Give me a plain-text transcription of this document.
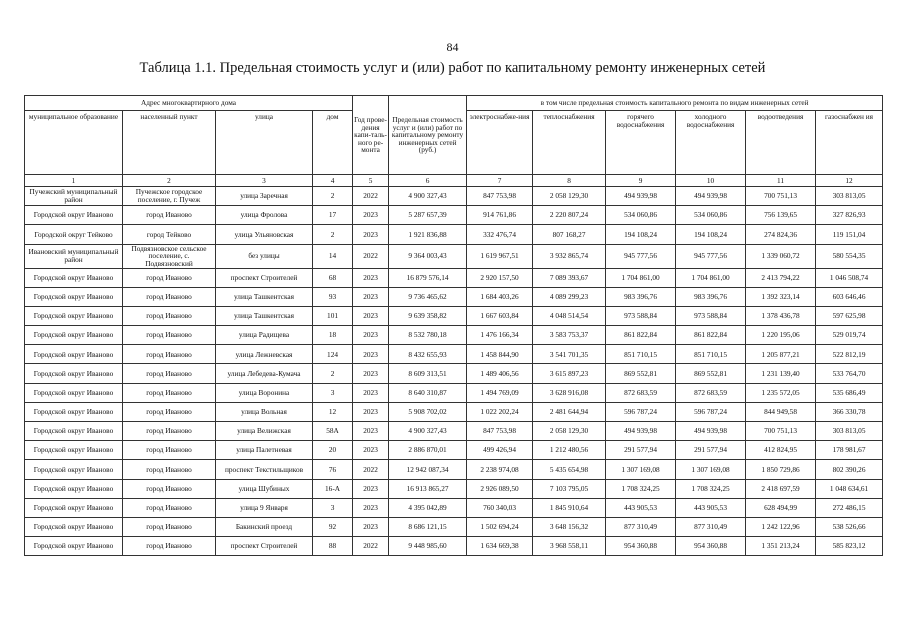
84
Таблица 1.1. Предельная стоимость услуг и (или) работ по капитальному ремонту инженерных сетей
Адрес многоквартирного дома				Год прове-дения капи-таль-ного ре-монта	Предельная стоимость услуг и (или) работ по капитальному ремонту инженерных сетей (руб.)	в том числе предельная стоимость капитального ремонта по видам инженерных сетей					
муниципальное образование	населенный пункт	улица	дом			электроснабже-ния	теплоснабжения	горячего водоснабжения	холодного водоснабжения	водоотведения	газоснабжен ия
1	2	3	4	5	6	7	8	9	10	11	12
Пучежский муниципальный район	Пучежское городское поселение, г. Пучеж	улица Заречная	2	2022	4 900 327,43	847 753,98	2 058 129,30	494 939,98	494 939,98	700 751,13	303 813,05
Городской округ Иваново	город Иваново	улица Фролова	17	2023	5 287 657,39	914 761,86	2 220 807,24	534 060,86	534 060,86	756 139,65	327 826,93
Городской округ Тейково	город Тейково	улица Ульяновская	2	2023	1 921 836,88	332 476,74	807 168,27	194 108,24	194 108,24	274 824,36	119 151,04
Ивановский муниципальный район	Подвязновское сельское поселение, с. Подвязновский	без улицы	14	2022	9 364 003,43	1 619 967,51	3 932 865,74	945 777,56	945 777,56	1 339 060,72	580 554,35
Городской округ Иваново	город Иваново	проспект Строителей	68	2023	16 879 576,14	2 920 157,50	7 089 393,67	1 704 861,00	1 704 861,00	2 413 794,22	1 046 508,74
Городской округ Иваново	город Иваново	улица Ташкентская	93	2023	9 736 465,62	1 684 403,26	4 089 299,23	983 396,76	983 396,76	1 392 323,14	603 646,46
Городской округ Иваново	город Иваново	улица Ташкентская	101	2023	9 639 358,82	1 667 603,84	4 048 514,54	973 588,84	973 588,84	1 378 436,78	597 625,98
Городской округ Иваново	город Иваново	улица Радищева	18	2023	8 532 780,18	1 476 166,34	3 583 753,37	861 822,84	861 822,84	1 220 195,06	529 019,74
Городской округ Иваново	город Иваново	улица Лежневская	124	2023	8 432 655,93	1 458 844,90	3 541 701,35	851 710,15	851 710,15	1 205 877,21	522 812,19
Городской округ Иваново	город Иваново	улица Лебедева-Кумача	2	2023	8 609 313,51	1 489 406,56	3 615 897,23	869 552,81	869 552,81	1 231 139,40	533 764,70
Городской округ Иваново	город Иваново	улица Воронина	3	2023	8 640 310,87	1 494 769,09	3 628 916,08	872 683,59	872 683,59	1 235 572,05	535 686,49
Городской округ Иваново	город Иваново	улица Вольная	12	2023	5 908 702,02	1 022 202,24	2 481 644,94	596 787,24	596 787,24	844 949,58	366 330,78
Городской округ Иваново	город Иваново	улица Велижская	58А	2023	4 900 327,43	847 753,98	2 058 129,30	494 939,98	494 939,98	700 751,13	303 813,05
Городской округ Иваново	город Иваново	улица Палетневая	20	2023	2 886 870,01	499 426,94	1 212 480,56	291 577,94	291 577,94	412 824,95	178 981,67
Городской округ Иваново	город Иваново	проспект Текстильщиков	76	2022	12 942 087,34	2 238 974,08	5 435 654,98	1 307 169,08	1 307 169,08	1 850 729,86	802 390,26
Городской округ Иваново	город Иваново	улица Шубиных	16-А	2023	16 913 865,27	2 926 089,50	7 103 795,05	1 708 324,25	1 708 324,25	2 418 697,59	1 048 634,61
Городской округ Иваново	город Иваново	улица 9 Января	3	2023	4 395 042,89	760 340,03	1 845 910,64	443 905,53	443 905,53	628 494,99	272 486,15
Городской округ Иваново	город Иваново	Бакинский проезд	92	2023	8 686 121,15	1 502 694,24	3 648 156,32	877 310,49	877 310,49	1 242 122,96	538 526,66
Городской округ Иваново	город Иваново	проспект Строителей	88	2022	9 448 985,60	1 634 669,38	3 968 558,11	954 360,88	954 360,88	1 351 213,24	585 823,12
